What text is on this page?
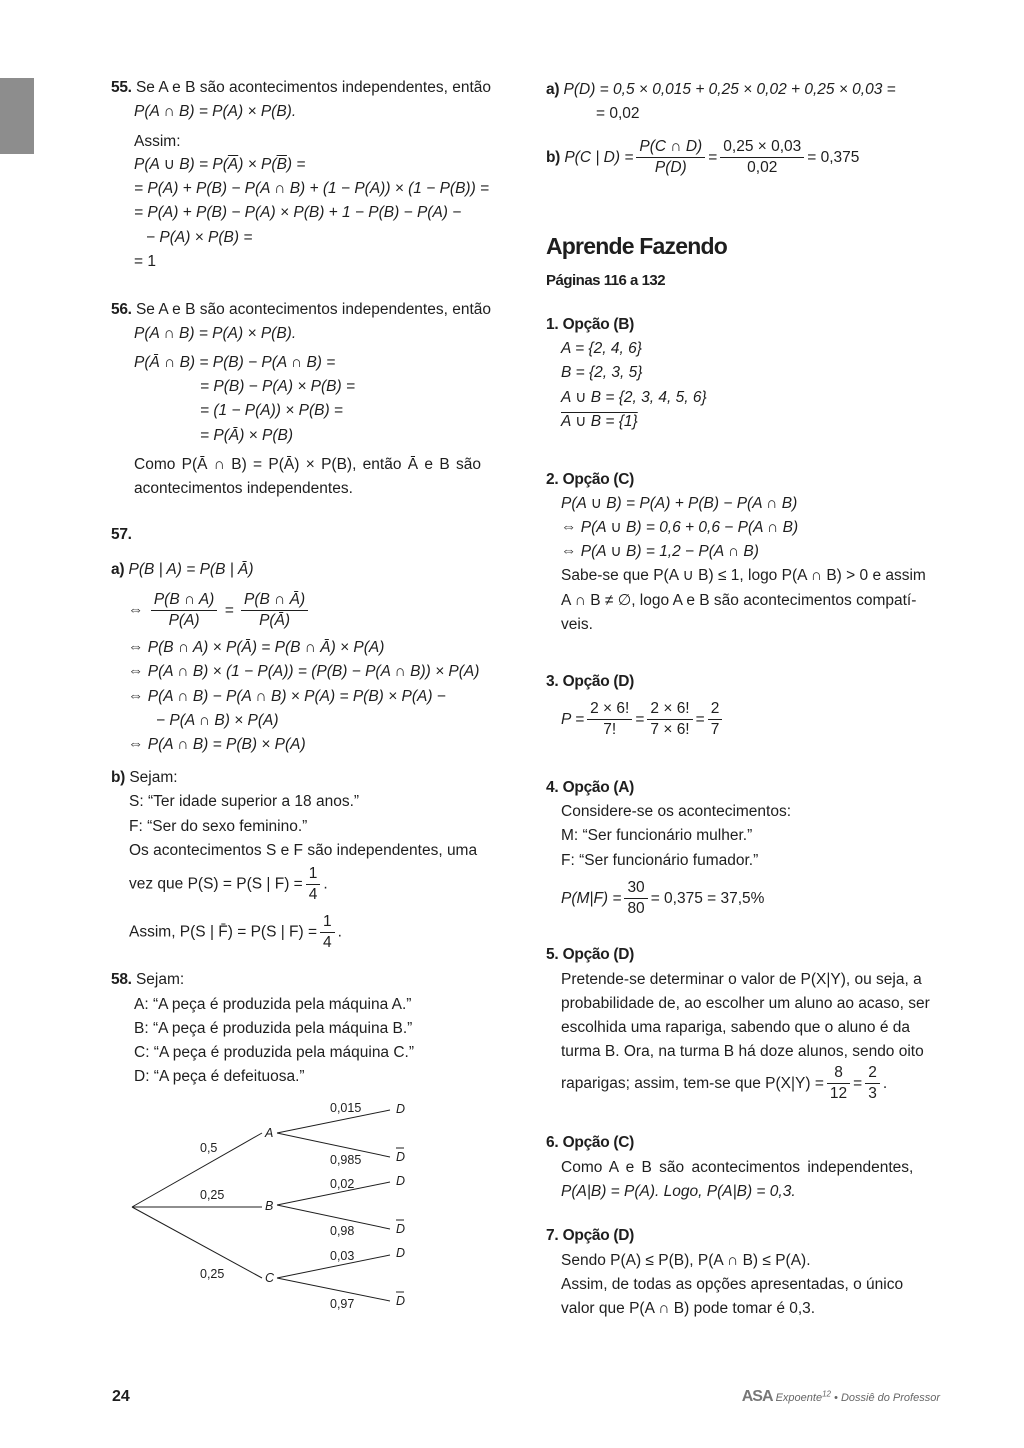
55. Se A e B são acontecimentos independentes, então
P(A ∩ B) = P(A) × P(B).
Assim:
P(A ∪ $B) = P(\overline{A}) \times P(\overline{B})$ =
= P(A) + P(B) − P(A ∩ B) + (1 − P(A)) × (1 − P(B)) =
= P(A) + P(B) − P(A) × P(B) + 1 − P(B) − P(A) −
− P(A) × P(B) =
= 1
56. Se A e B são acontecimentos independentes, então
P(A ∩ B) = P(A) × P(B).
P(Ā ∩ B) = P(B) − P(A ∩ B) =
= P(B) − P(A) × P(B) =
= (1 − P(A)) × P(B) =
= P(Ā) × P(B)
Como P(Ā ∩ B) = P(Ā) × P(B), então Ā e B são
acontecimentos independentes.
57.
a) P(B | A) = P(B | Ā)
⇔ $\frac{P(B \cap A)}{P(A)} = \frac{P(B \cap Ā)}{P(Ā)}$
⇔ P(B ∩ A) × P(Ā) = P(B ∩ Ā) × P(A)
⇔ P(A ∩ B) × (1 − P(A)) = (P(B) − P(A ∩ B)) × P(A)
⇔ P(A ∩ B) − P(A ∩ B) × P(A) = P(B) × P(A) −
− P(A ∩ B) × P(A)
⇔ P(A ∩ B) = P(B) × P(A)
b) Sejam:
S: “Ter idade superior a 18 anos.”
F: “Ser do sexo feminino.”
Os acontecimentos S e F são independentes, uma
vez que P(S) = P(S | $F) = \frac{1}{4}$ .
Assim, P(S | F̄) = P(S | $F) = \frac{1}{4}$ .
58. Sejam:
A: “A peça é produzida pela máquina A.”
B: “A peça é produzida pela máquina B.”
C: “A peça é produzida pela máquina C.”
D: “A peça é defeituosa.”
0,5
0,25
0,25
A
B
C
0,015
0,985
0,02
0,98
0,03
0,97
D
D
D
D
D
D
a) P(D) = 0,5 × 0,015 + 0,25 × 0,02 + 0,25 × 0,03 =
= 0,02
b) P(C | $D) = \frac{P(C \cap D)}{P(D)} = \frac{0,25 \times 0,03}{0,02} = 0,375$
Aprende Fazendo
Páginas 116 a 132
1. Opção (B)
A = {2, 4, 6}
B = {2, 3, 5}
A ∪ B = {2, 3, 4, 5, 6}
A ∪ B = {1}
2. Opção (C)
P(A ∪ B) = P(A) + P(B) − P(A ∩ B)
⇔ P(A ∪ B) = 0,6 + 0,6 − P(A ∩ B)
⇔ P(A ∪ B) = 1,2 − P(A ∩ B)
Sabe-se que P(A ∪ B) ≤ 1, logo P(A ∩ B) > 0 e assim
A ∩ B ≠ ∅, logo A e B são acontecimentos compatí-
veis.
3. Opção (D)
$P = \frac{2 \times 6!}{7!} = \frac{2 \times 6!}{7 \times 6!} = \frac{2}{7}$
4. Opção (A)
Considere-se os acontecimentos:
M: “Ser funcionário mulher.”
F: “Ser funcionário fumador.”
$P(M|F) = \frac{30}{80} = 0,375 = 37,5\%$
5. Opção (D)
Pretende-se determinar o valor de P(X|Y), ou seja, a
probabilidade de, ao escolher um aluno ao acaso, ser
escolhida uma rapariga, sabendo que o aluno é da
turma B. Ora, na turma B há doze alunos, sendo oito
raparigas; assim, tem-se que $P(X|Y) = \frac{8}{12} = \frac{2}{3}$ .
6. Opção (C)
Como A e B são acontecimentos independentes,
P(A|B) = P(A). Logo, P(A|B) = 0,3.
7. Opção (D)
Sendo P(A) ≤ P(B), P(A ∩ B) ≤ P(A).
Assim, de todas as opções apresentadas, o único
valor que P(A ∩ B) pode tomar é 0,3.
24	ASA Expoente$^{12}$ • Dossiê do Professor
